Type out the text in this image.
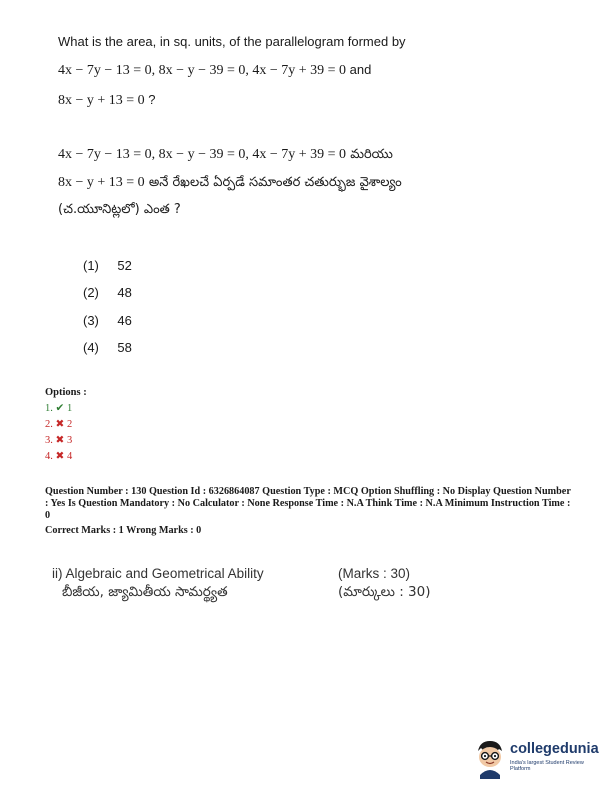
What is the area, in sq. units, of the parallelogram formed by
4x − 7y − 13 = 0, 8x − y − 39 = 0, 4x − 7y + 39 = 0 and
8x − y + 13 = 0 ?
4x − 7y − 13 = 0, 8x − y − 39 = 0, 4x − 7y + 39 = 0 మరియు
8x − y + 13 = 0 అనే రేఖలచే ఏర్పడే సమాంతర చతుర్భుజ వైశాల్యం
(చ.యూనిట్లలో) ఎంత ?
(1) 52
(2) 48
(3) 46
(4) 58
Options :
1. ✔ 1
2. ✖ 2
3. ✖ 3
4. ✖ 4
Question Number : 130 Question Id : 6326864087 Question Type : MCQ Option Shuffling : No Display Question Number : Yes Is Question Mandatory : No Calculator : None Response Time : N.A Think Time : N.A Minimum Instruction Time : 0
Correct Marks : 1 Wrong Marks : 0
ii) Algebraic and Geometrical Ability	(Marks : 30)
బీజీయ, జ్యామితీయ సామర్థ్యత	(మార్కులు : 30)
collegedunia
India's largest Student Review Platform
